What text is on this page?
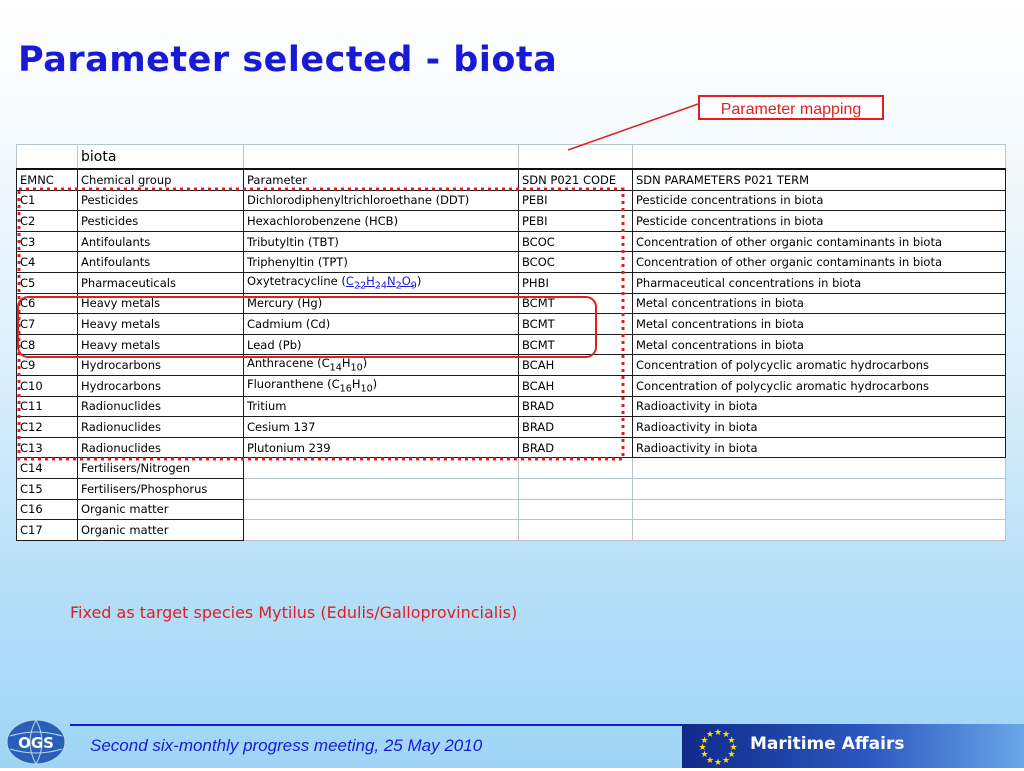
Parameter selected - biota
Parameter mapping
	biota			
EMNC	Chemical group	Parameter	SDN P021 CODE	SDN PARAMETERS P021 TERM
C1	Pesticides	Dichlorodiphenyltrichloroethane (DDT)	PEBI	Pesticide concentrations in biota
C2	Pesticides	Hexachlorobenzene (HCB)	PEBI	Pesticide concentrations in biota
C3	Antifoulants	Tributyltin (TBT)	BCOC	Concentration of other organic contaminants in biota
C4	Antifoulants	Triphenyltin (TPT)	BCOC	Concentration of other organic contaminants in biota
C5	Pharmaceuticals	Oxytetracycline $(C_{22}H_{24}N_2O_9)$	PHBI	Pharmaceutical concentrations in biota
C6	Heavy metals	Mercury (Hg)	BCMT	Metal concentrations in biota
C7	Heavy metals	Cadmium (Cd)	BCMT	Metal concentrations in biota
C8	Heavy metals	Lead (Pb)	BCMT	Metal concentrations in biota
C9	Hydrocarbons	Anthracene $(C_{14}H_{10})$	BCAH	Concentration of polycyclic aromatic hydrocarbons
C10	Hydrocarbons	Fluoranthene $(C_{16}H_{10})$	BCAH	Concentration of polycyclic aromatic hydrocarbons
C11	Radionuclides	Tritium	BRAD	Radioactivity in biota
C12	Radionuclides	Cesium 137	BRAD	Radioactivity in biota
C13	Radionuclides	Plutonium 239	BRAD	Radioactivity in biota
C14	Fertilisers/Nitrogen			
C15	Fertilisers/Phosphorus			
C16	Organic matter			
C17	Organic matter			

Fixed as target species Mytilus (Edulis/Galloprovincialis)

OGS Second six-monthly progress meeting, 25 May 2010

★ ★
★
★
★
★
★
★
★
★
★
★ Maritime Affairs
